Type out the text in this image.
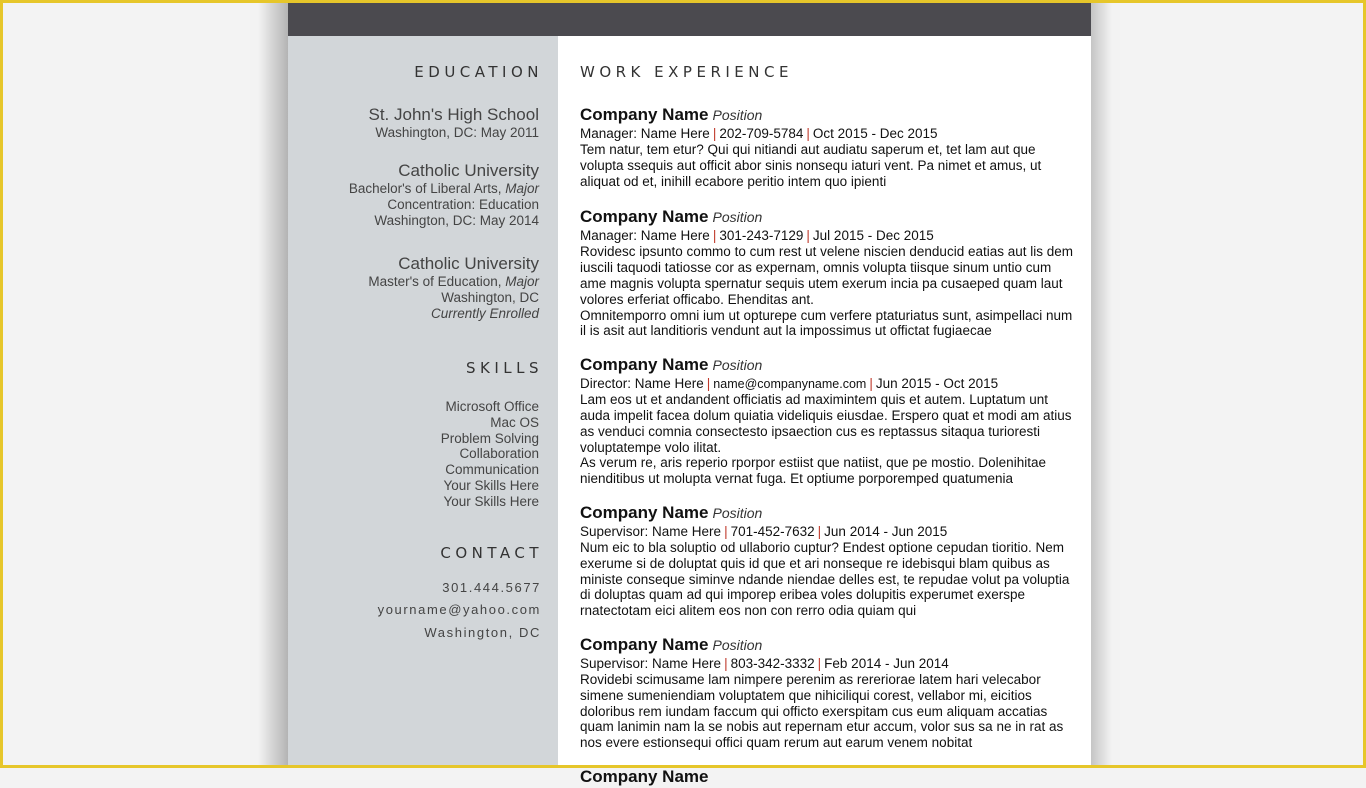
EDUCATION
St. John's High School
Washington, DC: May 2011
Catholic University
Bachelor's of Liberal Arts, Major
Concentration: Education
Washington, DC: May 2014
Catholic University
Master's of Education, Major
Washington, DC
Currently Enrolled
SKILLS
Microsoft Office
Mac OS
Problem Solving
Collaboration
Communication
Your Skills Here
Your Skills Here
CONTACT
301.444.5677
yourname@yahoo.com
Washington, DC
WORK EXPERIENCE
Company Name Position
Manager: Name Here | 202-709-5784 | Oct 2015 - Dec 2015

Tem natur, tem etur? Qui qui nitiandi aut audiatu saperum et, tet lam aut que volupta ssequis aut officit abor sinis nonsequ iaturi vent. Pa nimet et amus, ut aliquat od et, inihill ecabore peritio intem quo ipienti

Company Name Position
Manager: Name Here | 301-243-7129 | Jul 2015 - Dec 2015

Rovidesc ipsunto commo to cum rest ut velene niscien denducid eatias aut lis dem iuscili taquodi tatiosse cor as expernam, omnis volupta tiisque sinum untio cum ame magnis volupta spernatur sequis utem exerum incia pa cusaeped quam laut volores erferiat officabo. Ehenditas ant.

Omnitemporro omni ium ut opturepe cum verfere ptaturiatus sunt, asimpellaci num il is asit aut landitioris vendunt aut la impossimus ut offictat fugiaecae

Company Name Position
Director: Name Here | name@companyname.com | Jun 2015 - Oct 2015

Lam eos ut et andandent officiatis ad maximintem quis et autem. Luptatum unt auda impelit facea dolum quiatia videliquis eiusdae. Erspero quat et modi am atius as venduci comnia consectesto ipsaection cus es reptassus sitaqua turioresti voluptatempe volo ilitat.

As verum re, aris reperio rporpor estiist que natiist, que pe mostio. Dolenihitae nienditibus ut molupta vernat fuga. Et optiume porporemped quatumenia

Company Name Position
Supervisor: Name Here | 701-452-7632 | Jun 2014 - Jun 2015

Num eic to bla soluptio od ullaborio cuptur? Endest optione cepudan tioritio. Nem exerume si de doluptat quis id que et ari nonseque re idebisqui blam quibus as ministe conseque siminve ndande niendae delles est, te repudae volut pa voluptia di doluptas quam ad qui imporep eribea voles dolupitis experumet exerspe rnatectotam eici alitem eos non con rerro odia quiam qui

Company Name Position
Supervisor: Name Here | 803-342-3332 | Feb 2014 - Jun 2014

Rovidebi scimusame lam nimpere perenim as rereriorae latem hari velecabor simene sumeniendiam voluptatem que nihiciliqui corest, vellabor mi, eicitios doloribus rem iundam faccum qui officto exerspitam cus eum aliquam accatias quam lanimin nam la se nobis aut repernam etur accum, volor sus sa ne in rat as nos evere estionsequi offici quam rerum aut earum venem nobitat

Company Name
